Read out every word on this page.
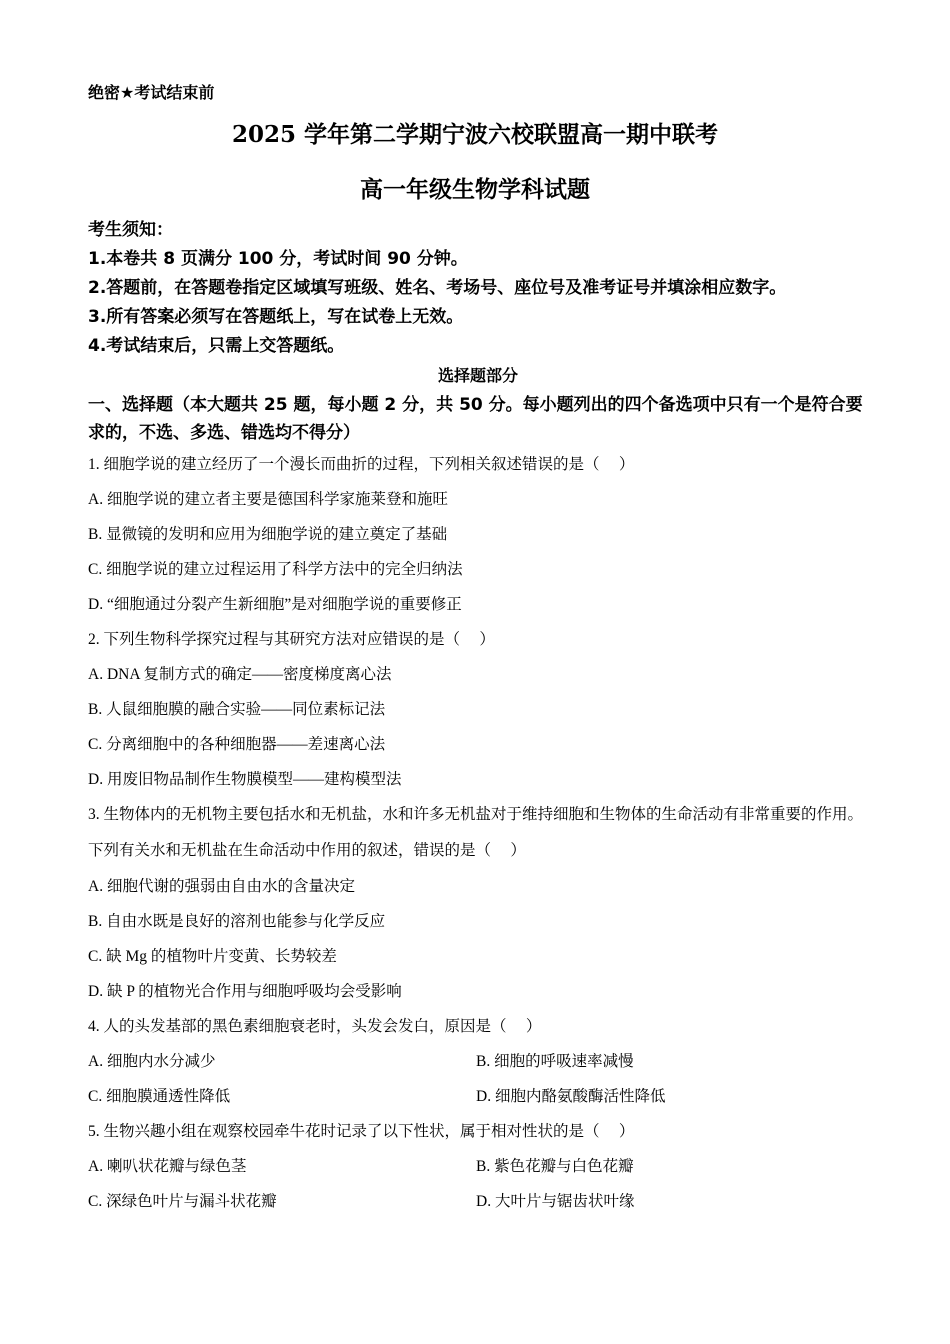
绝密★考试结束前
2025 学年第二学期宁波六校联盟高一期中联考
高一年级生物学科试题
考生须知：
1.本卷共 8 页满分 100 分，考试时间 90 分钟。
2.答题前，在答题卷指定区域填写班级、姓名、考场号、座位号及准考证号并填涂相应数字。
3.所有答案必须写在答题纸上，写在试卷上无效。
4.考试结束后，只需上交答题纸。
选择题部分
一、选择题（本大题共 25 题，每小题 2 分，共 50 分。每小题列出的四个备选项中只有一个是符合要求的，不选、多选、错选均不得分）
1. 细胞学说的建立经历了一个漫长而曲折的过程，下列相关叙述错误的是（　 ）
A. 细胞学说的建立者主要是德国科学家施莱登和施旺
B. 显微镜的发明和应用为细胞学说的建立奠定了基础
C. 细胞学说的建立过程运用了科学方法中的完全归纳法
D. “细胞通过分裂产生新细胞”是对细胞学说的重要修正
2. 下列生物科学探究过程与其研究方法对应错误的是（　 ）
A. DNA 复制方式的确定——密度梯度离心法
B. 人鼠细胞膜的融合实验——同位素标记法
C. 分离细胞中的各种细胞器——差速离心法
D. 用废旧物品制作生物膜模型——建构模型法
3. 生物体内的无机物主要包括水和无机盐，水和许多无机盐对于维持细胞和生物体的生命活动有非常重要的作用。下列有关水和无机盐在生命活动中作用的叙述，错误的是（　 ）
A. 细胞代谢的强弱由自由水的含量决定
B. 自由水既是良好的溶剂也能参与化学反应
C. 缺 Mg 的植物叶片变黄、长势较差
D. 缺 P 的植物光合作用与细胞呼吸均会受影响
4. 人的头发基部的黑色素细胞衰老时，头发会发白，原因是（　 ）
A. 细胞内水分减少	B. 细胞的呼吸速率减慢
C. 细胞膜通透性降低	D. 细胞内酪氨酸酶活性降低
5. 生物兴趣小组在观察校园牵牛花时记录了以下性状，属于相对性状的是（　 ）
A. 喇叭状花瓣与绿色茎	B. 紫色花瓣与白色花瓣
C. 深绿色叶片与漏斗状花瓣	D. 大叶片与锯齿状叶缘
